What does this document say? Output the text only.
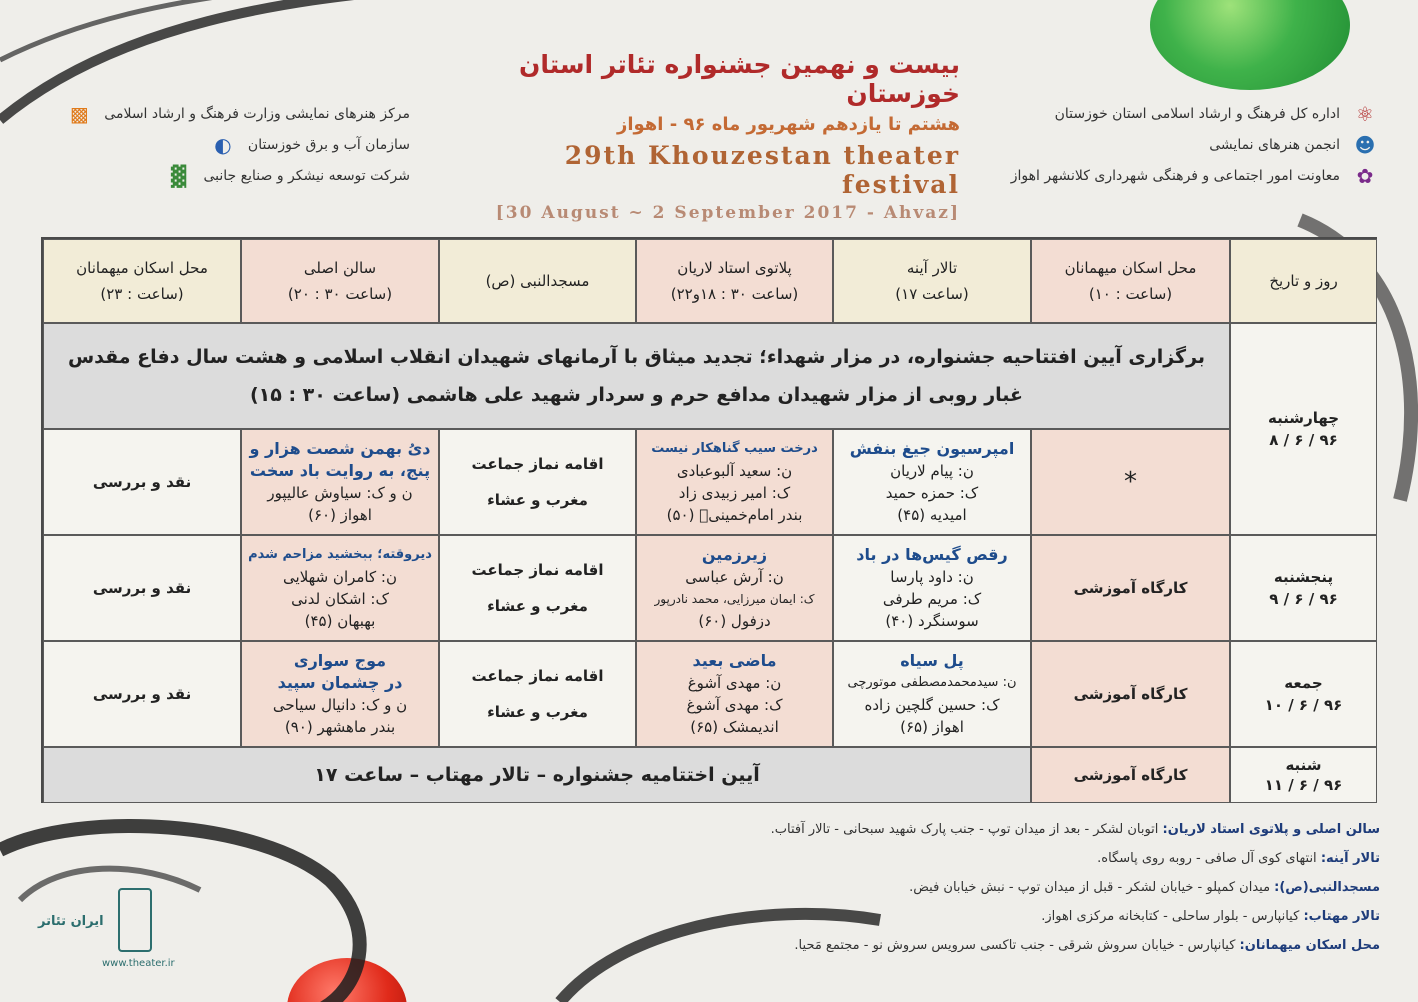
بیست و نهمین جشنواره تئاتر استان خوزستان
هشتم تا یازدهم شهریور ماه ۹۶ - اهواز
29th Khouzestan theater festival
[30 August ~ 2 September 2017 - Ahvaz]
⚛
اداره کل فرهنگ و ارشاد اسلامی استان خوزستان
☻
انجمن هنرهای نمایشی
✿
معاونت امور اجتماعی و فرهنگی شهرداری کلانشهر اهواز
مرکز هنرهای نمایشی وزارت فرهنگ و ارشاد اسلامی
▩
سازمان آب و برق خوزستان
◐
شرکت توسعه نیشکر و صنایع جانبی
▓
روز و تاریخ
محل اسکان میهمانان
(ساعت : ۱۰)
تالار آینه
(ساعت ۱۷)
پلاتوی استاد لاریان
(ساعت ۳۰ : ۱۸و۲۲)
مسجدالنبی (ص)
سالن اصلی
(ساعت ۳۰ : ۲۰)
محل اسکان میهمانان
(ساعت : ۲۳)
چهارشنبه
۹۶ / ۶ / ۸
برگزاری آیین افتتاحیه جشنواره، در مزار شهداء؛ تجدید میثاق با آرمانهای شهیدان انقلاب اسلامی و هشت سال دفاع مقدس
غبار روبی از مزار شهیدان مدافع حرم و سردار شهید علی هاشمی (ساعت ۳۰ : ۱۵)
*
امپرسیون جیغ بنفش
ن: پیام لاریان
ک: حمزه حمید
امیدیه (۴۵)
درخت سیب گناهکار نیست
ن: سعید آلبوعبادی
ک: امیر زبیدی زاد
بندر امام‌خمینیؒ (۵۰)
اقامه نماز جماعت
مغرب و عشاء
دیُ بهمن شصت هزار و
پنج، به روایت باد سخت
ن و ک: سیاوش عالیپور
اهواز (۶۰)
نقد و بررسی
پنجشنبه
۹۶ / ۶ / ۹
کارگاه آموزشی
رقص گیس‌ها در باد
ن: داود پارسا
ک: مریم طرفی
سوسنگرد (۴۰)
زیرزمین
ن: آرش عباسی
ک: ایمان میرزایی، محمد نادرپور
دزفول (۶۰)
اقامه نماز جماعت
مغرب و عشاء
دیروقته؛ ببخشید مزاحم شدم
ن: کامران شهلایی
ک: اشکان لدنی
بهبهان (۴۵)
نقد و بررسی
جمعه
۹۶ / ۶ / ۱۰
کارگاه آموزشی
پل سیاه
ن: سیدمحمدمصطفی موتورچی
ک: حسین گلچین زاده
اهواز (۶۵)
ماضی بعید
ن: مهدی آشوغ
ک: مهدی آشوغ
اندیمشک (۶۵)
اقامه نماز جماعت
مغرب و عشاء
موج سواری
در چشمان سپید
ن و ک: دانیال سیاحی
بندر ماهشهر (۹۰)
نقد و بررسی
شنبه
۹۶ / ۶ / ۱۱
کارگاه آموزشی
آیین اختتامیه جشنواره – تالار مهتاب – ساعت ۱۷
سالن اصلی و پلاتوی استاد لاریان: اتوبان لشکر - بعد از میدان توپ - جنب پارک شهید سبحانی - تالار آفتاب.
تالار آینه: انتهای کوی آل صافی - روبه روی پاسگاه.
مسجدالنبی(ص): میدان کمپلو - خیابان لشکر - قبل از میدان توپ - نبش خیابان فیض.
تالار مهتاب: کیانپارس - بلوار ساحلی - کتابخانه مرکزی اهواز.
محل اسکان میهمانان: کیانپارس - خیابان سروش شرقی - جنب تاکسی سرویس سروش نو - مجتمع مَحیا.
ایران تئاتر
www.theater.ir
